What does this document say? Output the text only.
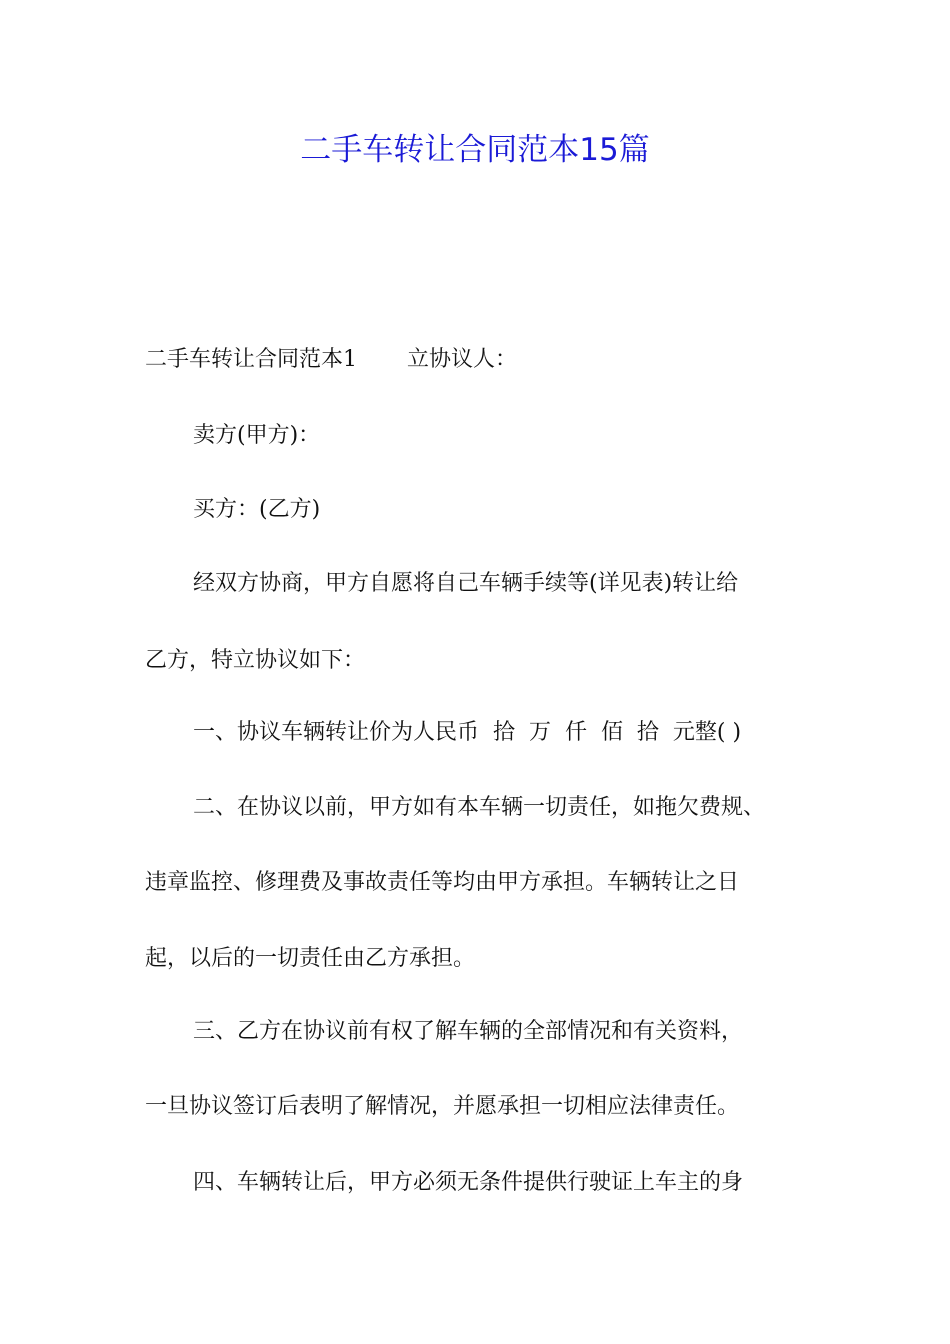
二手车转让合同范本15篇
二手车转让合同范本1 立协议人：
卖方(甲方)：
买方：(乙方)
经双方协商，甲方自愿将自己车辆手续等(详见表)转让给
乙方，特立协议如下：
一、协议车辆转让价为人民币  拾  万  仟  佰  拾  元整( )
二、在协议以前，甲方如有本车辆一切责任，如拖欠费规、
违章监控、修理费及事故责任等均由甲方承担。车辆转让之日
起，以后的一切责任由乙方承担。
三、乙方在协议前有权了解车辆的全部情况和有关资料，
一旦协议签订后表明了解情况，并愿承担一切相应法律责任。
四、车辆转让后，甲方必须无条件提供行驶证上车主的身
